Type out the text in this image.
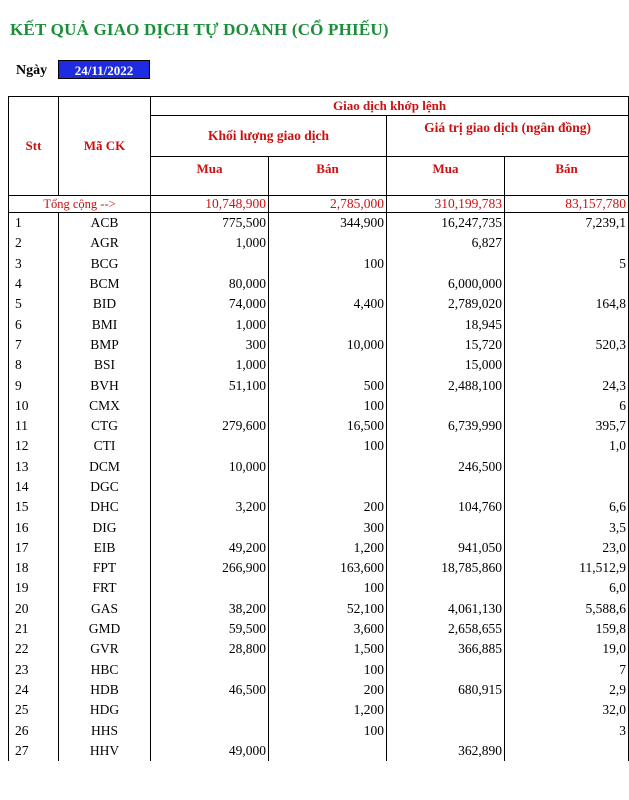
KẾT QUẢ GIAO DỊCH TỰ DOANH (CỔ PHIẾU)
Ngày	24/11/2022
Stt	Mã CK	Giao dịch khớp lệnh			
		Khối lượng giao dịch		Giá trị giao dịch (ngân đồng)	
		Mua	Bán	Mua	Bán
Tổng cộng -->		10,748,900	2,785,000	310,199,783	83,157,780
1	ACB	775,500	344,900	16,247,735	7,239,1
2	AGR	1,000		6,827	
3	BCG		100		5
4	BCM	80,000		6,000,000	
5	BID	74,000	4,400	2,789,020	164,8
6	BMI	1,000		18,945	
7	BMP	300	10,000	15,720	520,3
8	BSI	1,000		15,000	
9	BVH	51,100	500	2,488,100	24,3
10	CMX		100		6
11	CTG	279,600	16,500	6,739,990	395,7
12	CTI		100		1,0
13	DCM	10,000		246,500	
14	DGC				
15	DHC	3,200	200	104,760	6,6
16	DIG		300		3,5
17	EIB	49,200	1,200	941,050	23,0
18	FPT	266,900	163,600	18,785,860	11,512,9
19	FRT		100		6,0
20	GAS	38,200	52,100	4,061,130	5,588,6
21	GMD	59,500	3,600	2,658,655	159,8
22	GVR	28,800	1,500	366,885	19,0
23	HBC		100		7
24	HDB	46,500	200	680,915	2,9
25	HDG		1,200		32,0
26	HHS		100		3
27	HHV	49,000		362,890	
